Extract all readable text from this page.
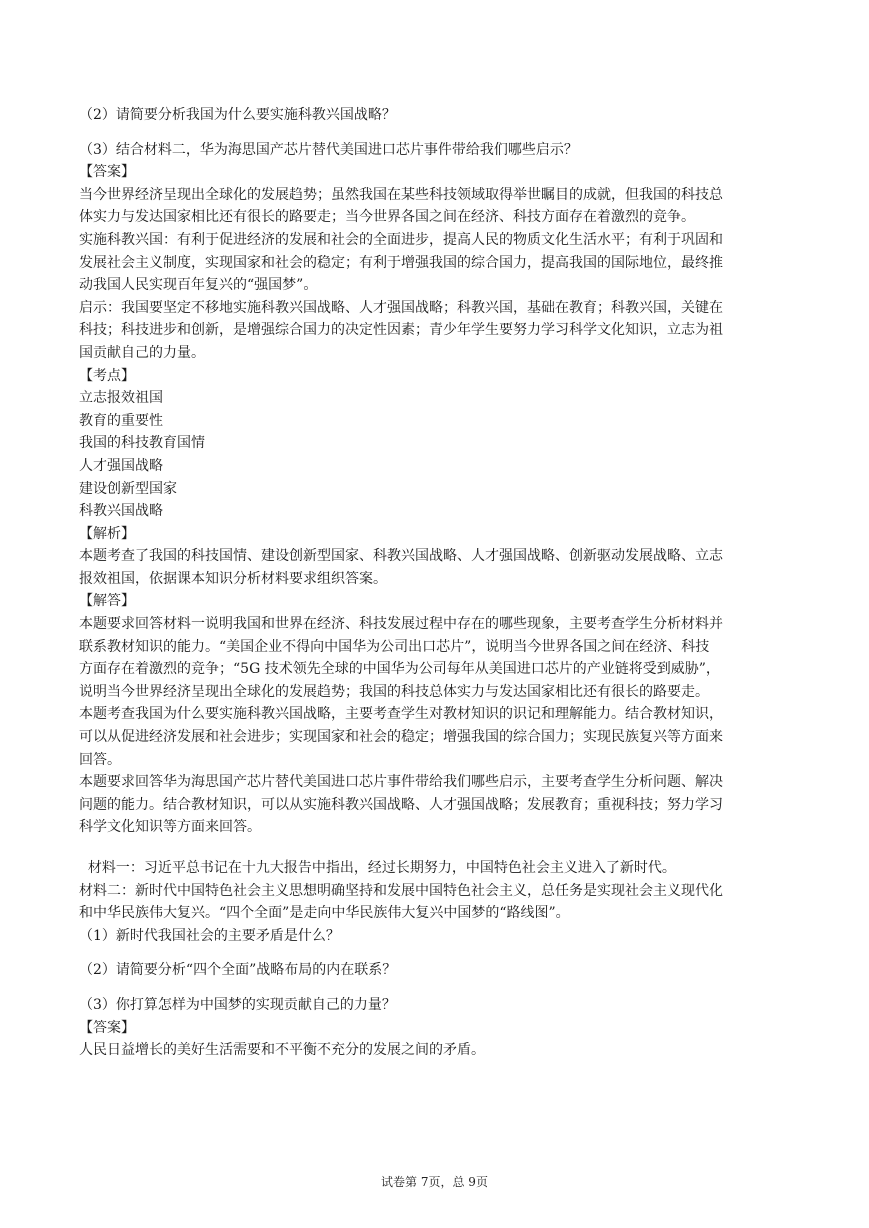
（2）请简要分析我国为什么要实施科教兴国战略？
（3）结合材料二，华为海思国产芯片替代美国进口芯片事件带给我们哪些启示？
【答案】
当今世界经济呈现出全球化的发展趋势；虽然我国在某些科技领域取得举世瞩目的成就，但我国的科技总
体实力与发达国家相比还有很长的路要走；当今世界各国之间在经济、科技方面存在着激烈的竞争。
实施科教兴国：有利于促进经济的发展和社会的全面进步，提高人民的物质文化生活水平；有利于巩固和
发展社会主义制度，实现国家和社会的稳定；有利于增强我国的综合国力，提高我国的国际地位，最终推
动我国人民实现百年复兴的“强国梦”。
启示：我国要坚定不移地实施科教兴国战略、人才强国战略；科教兴国，基础在教育；科教兴国，关键在
科技；科技进步和创新，是增强综合国力的决定性因素；青少年学生要努力学习科学文化知识，立志为祖
国贡献自己的力量。
【考点】
立志报效祖国
教育的重要性
我国的科技教育国情
人才强国战略
建设创新型国家
科教兴国战略
【解析】
本题考查了我国的科技国情、建设创新型国家、科教兴国战略、人才强国战略、创新驱动发展战略、立志
报效祖国，依据课本知识分析材料要求组织答案。
【解答】
本题要求回答材料一说明我国和世界在经济、科技发展过程中存在的哪些现象，主要考查学生分析材料并
联系教材知识的能力。“美国企业不得向中国华为公司出口芯片”，说明当今世界各国之间在经济、科技
方面存在着激烈的竞争；“5G 技术领先全球的中国华为公司每年从美国进口芯片的产业链将受到威胁”，
说明当今世界经济呈现出全球化的发展趋势；我国的科技总体实力与发达国家相比还有很长的路要走。
本题考查我国为什么要实施科教兴国战略，主要考查学生对教材知识的识记和理解能力。结合教材知识，
可以从促进经济发展和社会进步；实现国家和社会的稳定；增强我国的综合国力；实现民族复兴等方面来
回答。
本题要求回答华为海思国产芯片替代美国进口芯片事件带给我们哪些启示，主要考查学生分析问题、解决
问题的能力。结合教材知识，可以从实施科教兴国战略、人才强国战略；发展教育；重视科技；努力学习
科学文化知识等方面来回答。
材料一：习近平总书记在十九大报告中指出，经过长期努力，中国特色社会主义进入了新时代。
材料二：新时代中国特色社会主义思想明确坚持和发展中国特色社会主义，总任务是实现社会主义现代化
和中华民族伟大复兴。“四个全面”是走向中华民族伟大复兴中国梦的“路线图”。
（1）新时代我国社会的主要矛盾是什么？
（2）请简要分析“四个全面”战略布局的内在联系？
（3）你打算怎样为中国梦的实现贡献自己的力量？
【答案】
人民日益增长的美好生活需要和不平衡不充分的发展之间的矛盾。
试卷第 7页，总 9页
